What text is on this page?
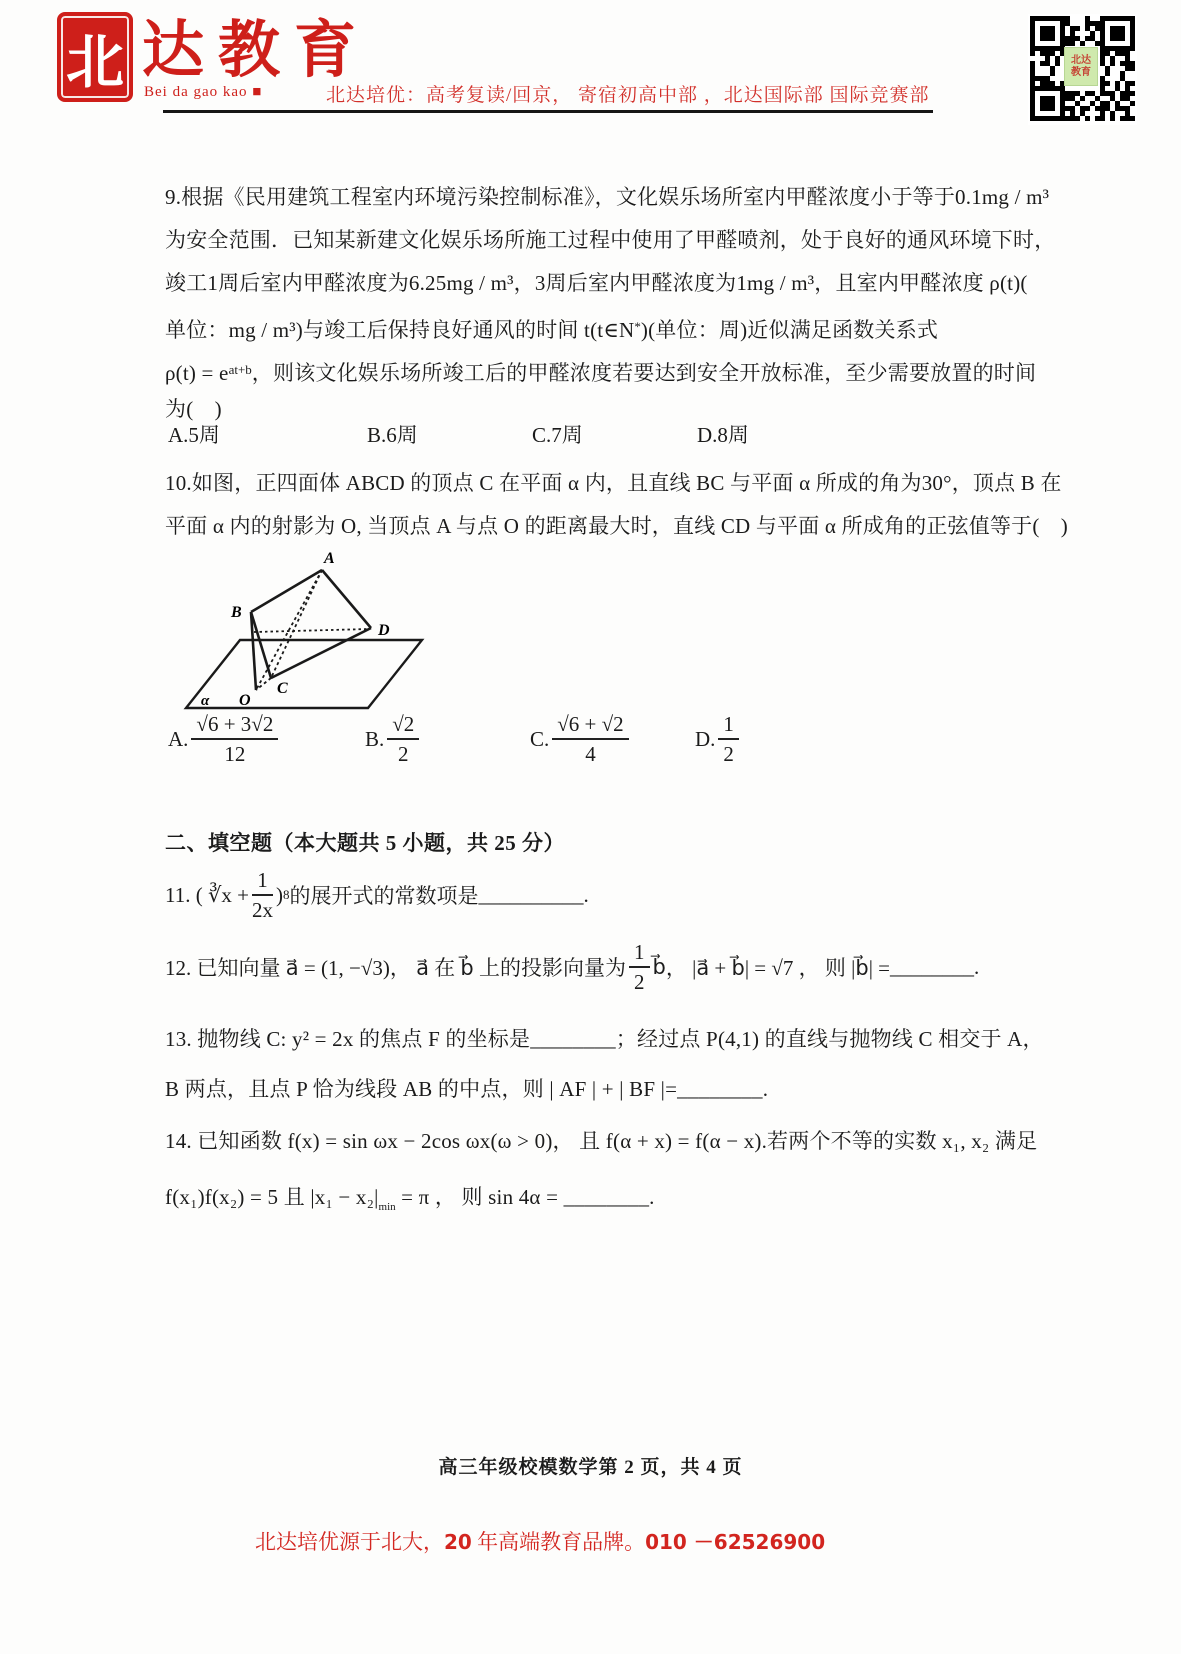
北 达教育
Bei da gao kao ■	北达培优：高考复读/回京， 寄宿初高中部 ，北达国际部 国际竞赛部
北达
教育
9.根据《民用建筑工程室内环境污染控制标准》，文化娱乐场所室内甲醛浓度小于等于0.1mg / m³
为安全范围．已知某新建文化娱乐场所施工过程中使用了甲醛喷剂，处于良好的通风环境下时，
竣工1周后室内甲醛浓度为6.25mg / m³，3周后室内甲醛浓度为1mg / m³，且室内甲醛浓度 ρ(t)(
单位：mg / m³)与竣工后保持良好通风的时间 t(t∈N*)(单位：周)近似满足函数关系式
$\rho(t) = e^{at+b}$，则该文化娱乐场所竣工后的甲醛浓度若要达到安全开放标准，至少需要放置的时间
为(　)
A.5周	B.6周	C.7周	D.8周
10.如图，正四面体 ABCD 的顶点 C 在平面 α 内，且直线 BC 与平面 α 所成的角为30°，顶点 B 在
平面 α 内的射影为 O, 当顶点 A 与点 O 的距离最大时，直线 CD 与平面 α 所成角的正弦值等于(　)
A
B
C
D
O
α
A. $\frac{√6 + 3√2}{12}$	B. $\frac{√2}{2}$	C. $\frac{√6 + √2}{4}$	D. $\frac{1}{2}$
二、填空题（本大题共 5 小题，共 25 分）
11. ( ∛x + $\frac{1}{2x}$ ) 8 的展开式的常数项是 __________.
12. 已知向量 a⃗ = (1, −√3)， a⃗ 在 b⃗ 上的投影向量为 $\frac{1}{2}$ b⃗ ， |a⃗ + b⃗| = √7 ， 则 |b⃗| = ________.
13. 抛物线 C: y² = 2x 的焦点 F 的坐标是________；经过点 P(4,1) 的直线与抛物线 C 相交于 A，
B 两点，且点 P 恰为线段 AB 的中点，则 | AF | + | BF |=________.
14. 已知函数 f(x) = sin ωx − 2cos ωx(ω > 0)， 且 f(α + x) = f(α − x).若两个不等的实数 x₁, x₂ 满足
f(x₁)f(x₂) = 5 且 $|x_1 - x_2|_{min} = \pi$ ， 则 sin 4α = ________.
高三年级校模数学第 2 页，共 4 页
北达培优源于北大，20 年高端教育品牌。010 －62526900
